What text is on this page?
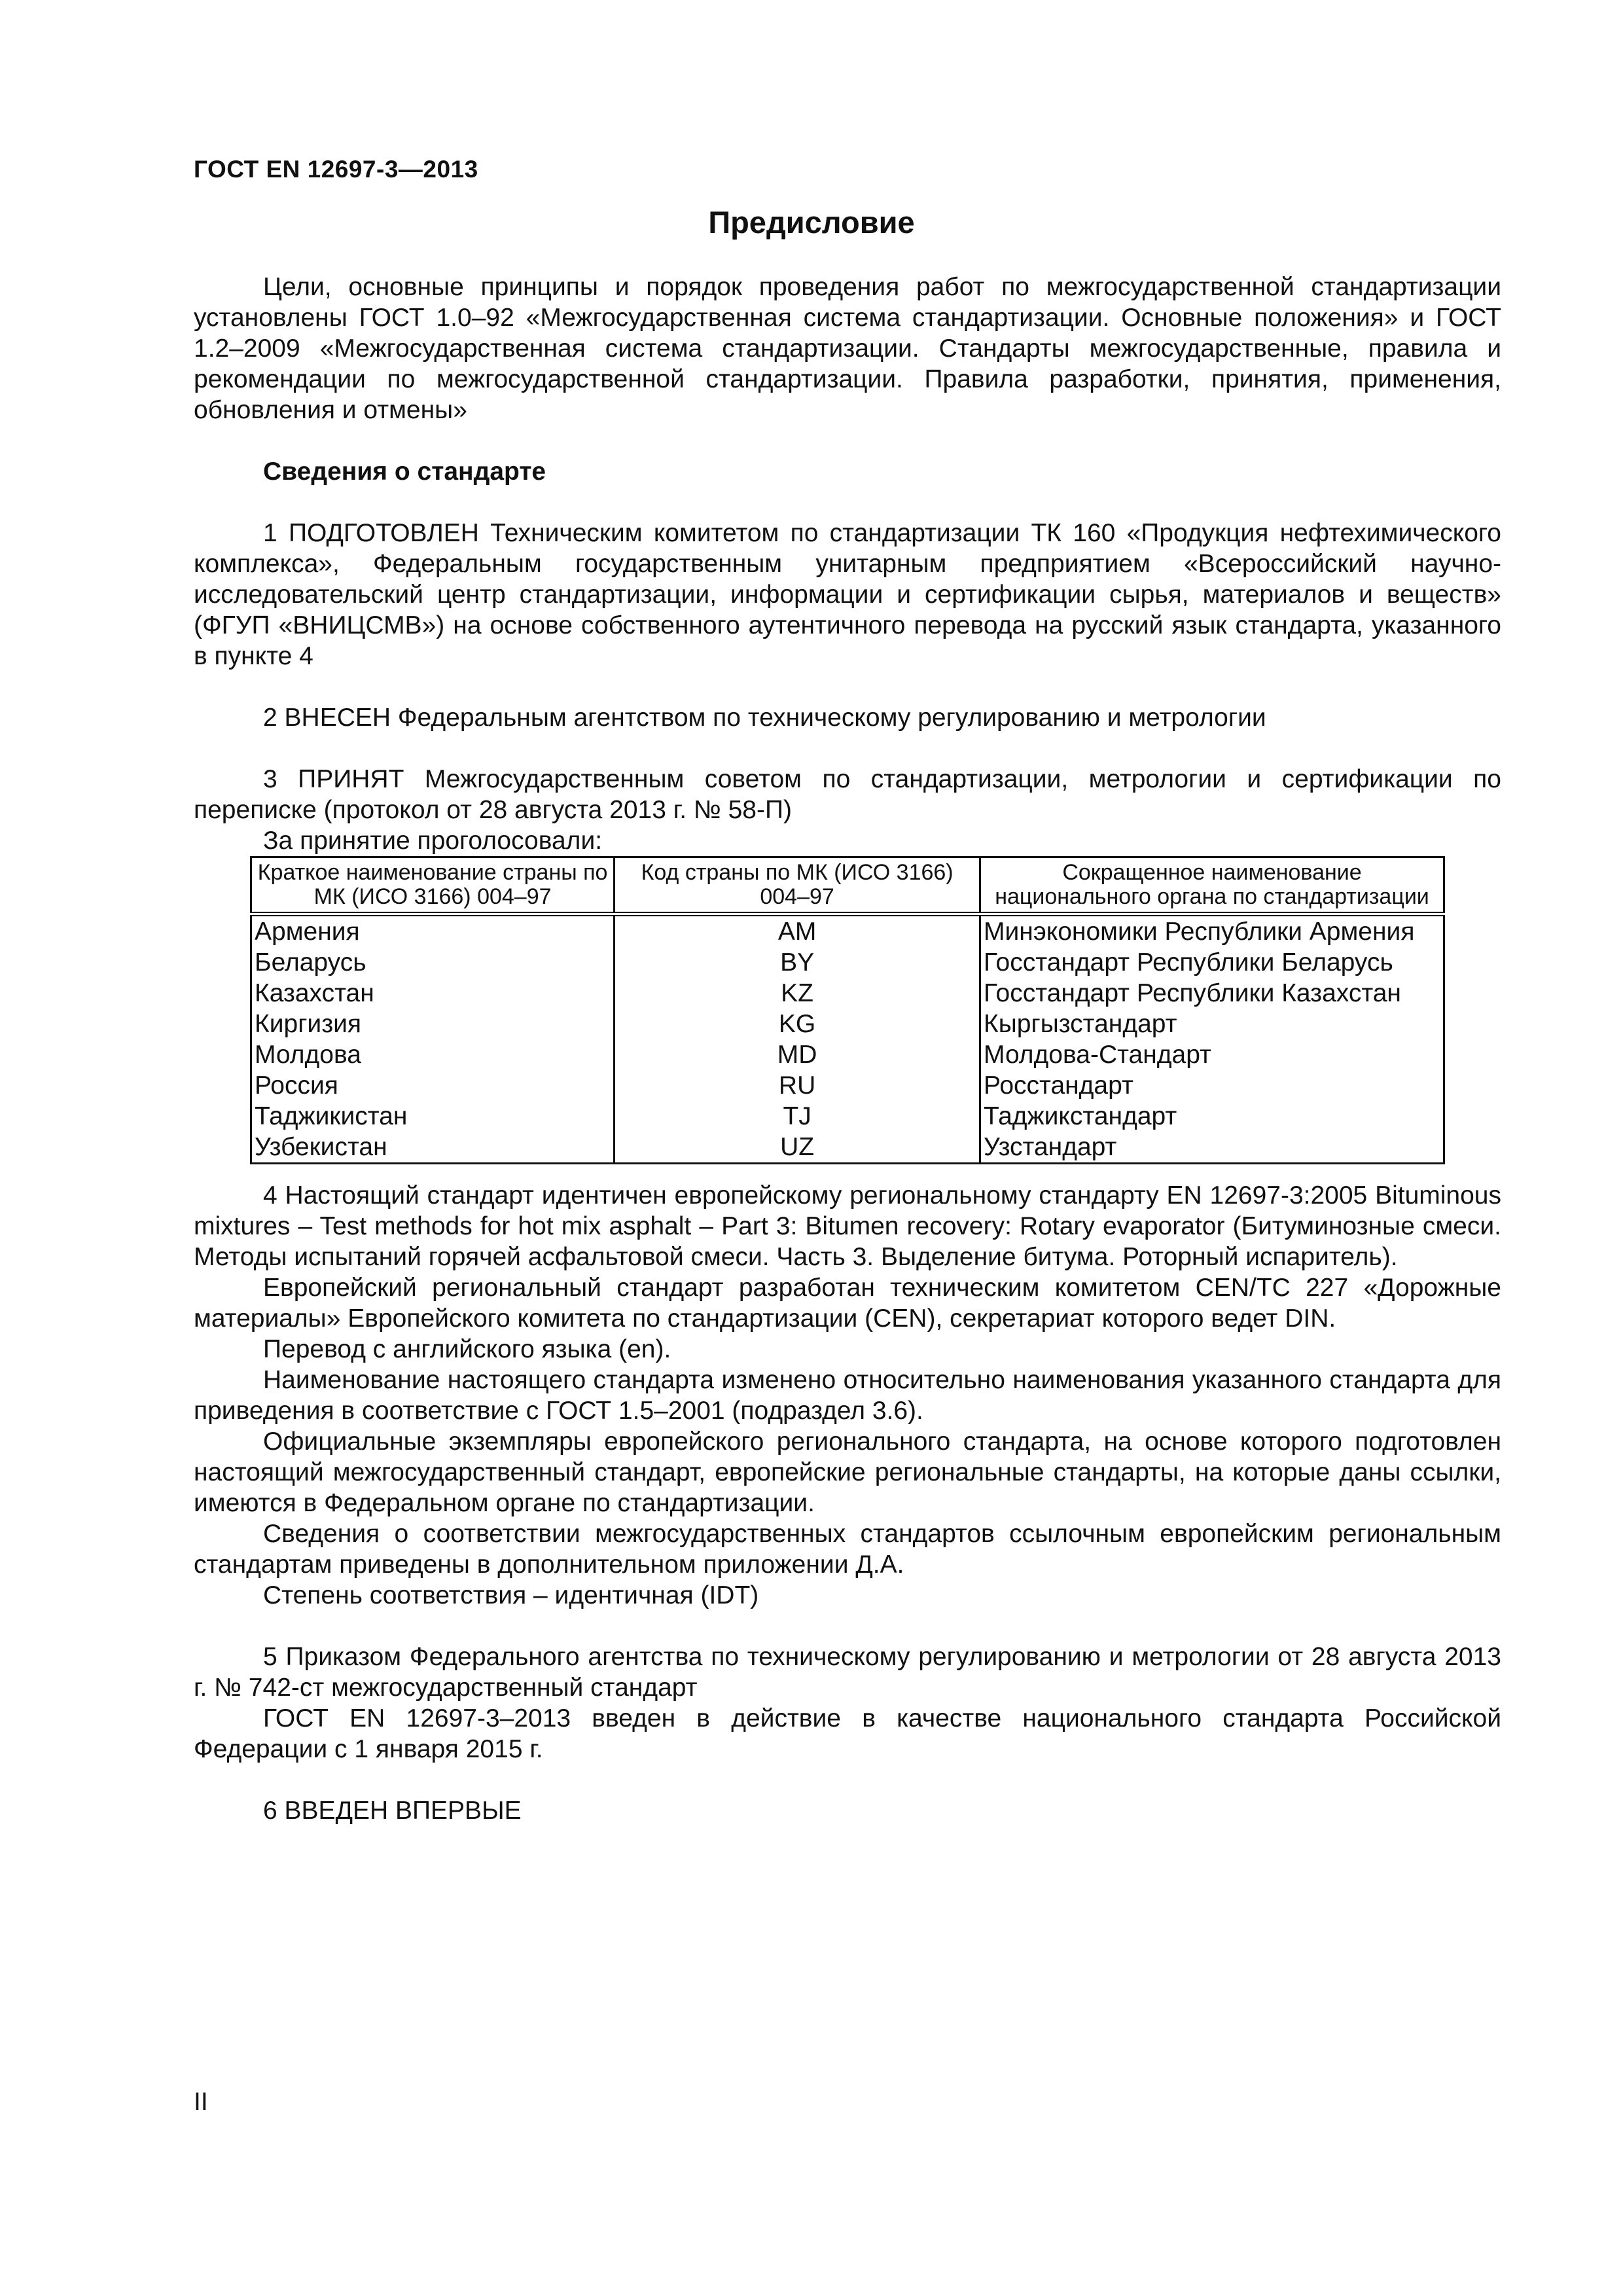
ГОСТ EN 12697-3—2013
Предисловие

Цели, основные принципы и порядок проведения работ по межгосударственной стандартизации установлены ГОСТ 1.0–92 «Межгосударственная система стандартизации. Основные положения» и ГОСТ 1.2–2009 «Межгосударственная система стандартизации. Стандарты межгосударственные, правила и рекомендации по межгосударственной стандартизации. Правила разработки, принятия, применения, обновления и отмены»

Сведения о стандарте

1 ПОДГОТОВЛЕН Техническим комитетом по стандартизации ТК 160 «Продукция нефтехимического комплекса», Федеральным государственным унитарным предприятием «Всероссийский научно-исследовательский центр стандартизации, информации и сертификации сырья, материалов и веществ» (ФГУП «ВНИЦСМВ») на основе собственного аутентичного перевода на русский язык стандарта, указанного в пункте 4

2 ВНЕСЕН Федеральным агентством по техническому регулированию и метрологии

3 ПРИНЯТ Межгосударственным советом по стандартизации, метрологии и сертификации по переписке (протокол от 28 августа 2013 г. № 58-П)

За принятие проголосовали:

Краткое наименование страны по МК (ИСО 3166) 004–97	Код страны по МК (ИСО 3166) 004–97	Сокращенное наименование национального органа по стандартизации
Армения	AM	Минэкономики Республики Армения
Беларусь	BY	Госстандарт Республики Беларусь
Казахстан	KZ	Госстандарт Республики Казахстан
Киргизия	KG	Кыргызстандарт
Молдова	MD	Молдова-Стандарт
Россия	RU	Росстандарт
Таджикистан	TJ	Таджикстандарт
Узбекистан	UZ	Узстандарт

4 Настоящий стандарт идентичен европейскому региональному стандарту EN 12697-3:2005 Bituminous mixtures – Test methods for hot mix asphalt – Part 3: Bitumen recovery: Rotary evaporator (Битуминозные смеси. Методы испытаний горячей асфальтовой смеси. Часть 3. Выделение битума. Роторный испаритель).

Европейский региональный стандарт разработан техническим комитетом CEN/TC 227 «Дорожные материалы» Европейского комитета по стандартизации (CEN), секретариат которого ведет DIN.

Перевод с английского языка (en).

Наименование настоящего стандарта изменено относительно наименования указанного стандарта для приведения в соответствие с ГОСТ 1.5–2001 (подраздел 3.6).

Официальные экземпляры европейского регионального стандарта, на основе которого подготовлен настоящий межгосударственный стандарт, европейские региональные стандарты, на которые даны ссылки, имеются в Федеральном органе по стандартизации.

Сведения о соответствии межгосударственных стандартов ссылочным европейским региональным стандартам приведены в дополнительном приложении Д.А.

Степень соответствия – идентичная (IDT)

5 Приказом Федерального агентства по техническому регулированию и метрологии от 28 августа 2013 г. № 742-ст межгосударственный стандарт

ГОСТ EN 12697-3–2013 введен в действие в качестве национального стандарта Российской Федерации с 1 января 2015 г.

6 ВВЕДЕН ВПЕРВЫЕ

II
